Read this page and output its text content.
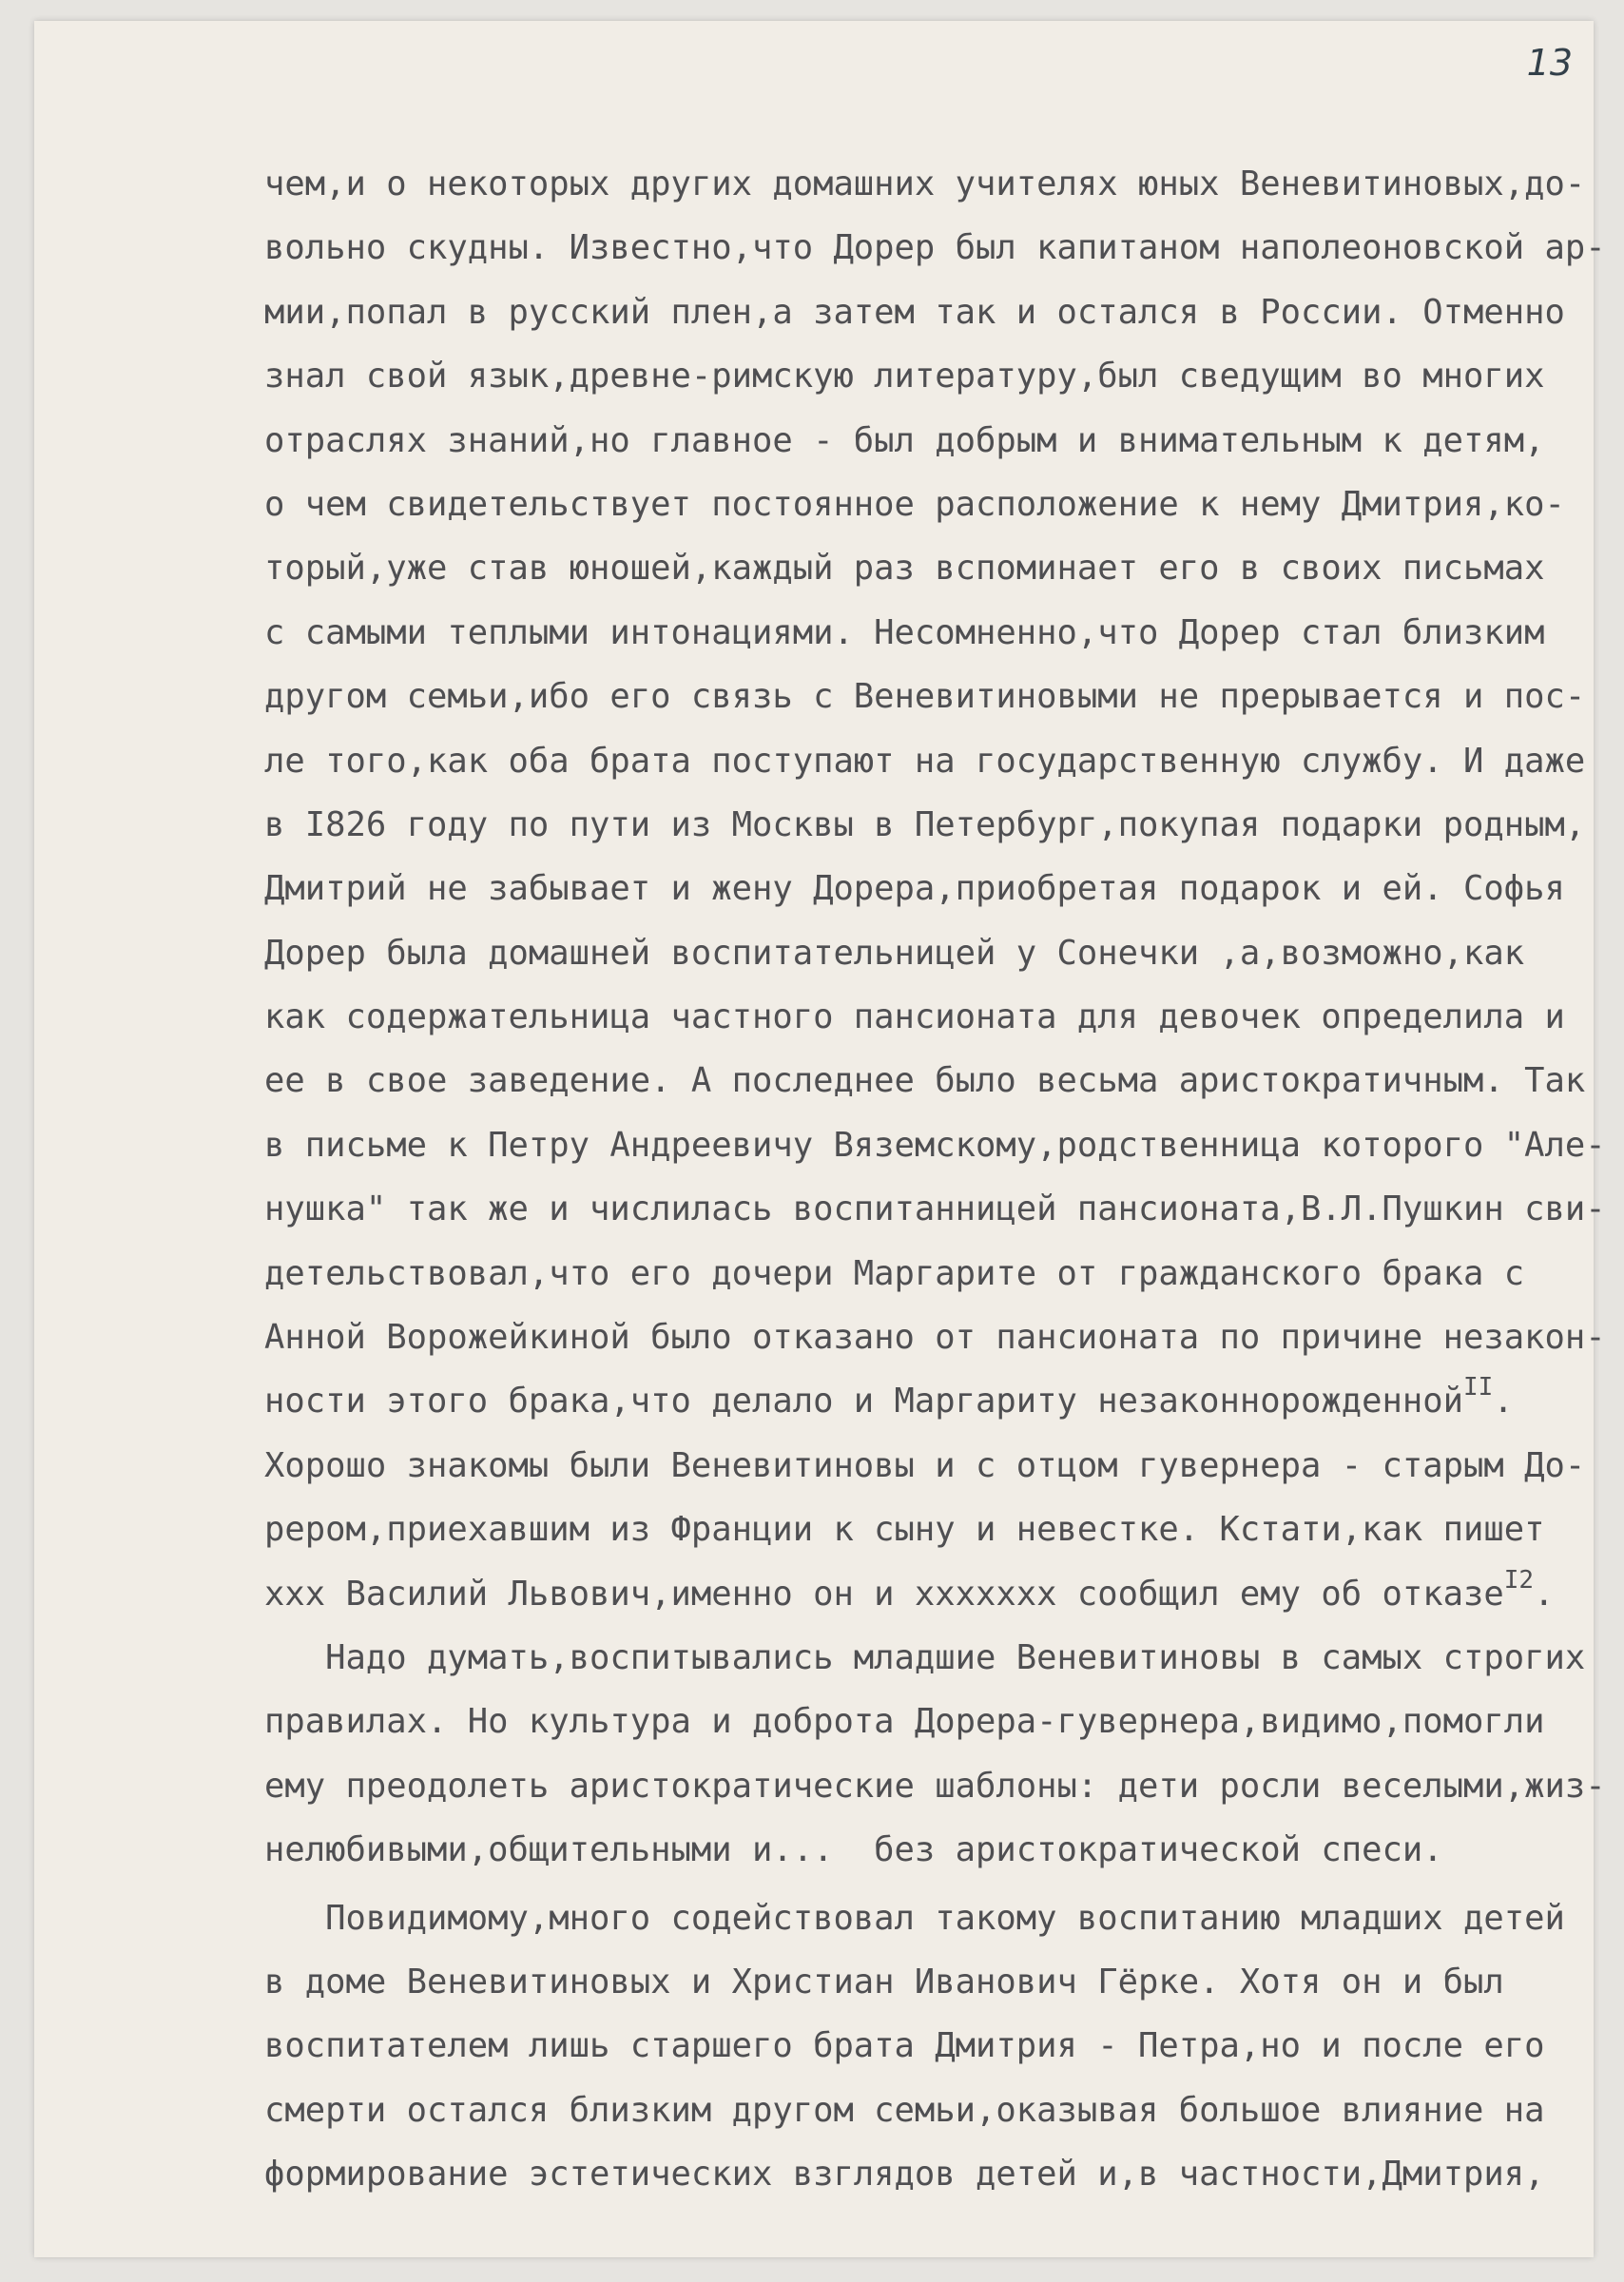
13
чем,и о некоторых других домашних учителях юных Веневитиновых,до-
вольно скудны. Известно,что Дорер был капитаном наполеоновской ар-
мии,попал в русский плен,а затем так и остался в России. Отменно
знал свой язык,древне-римскую литературу,был сведущим во многих
отраслях знаний,но главное - был добрым и внимательным к детям,
о чем свидетельствует постоянное расположение к нему Дмитрия,ко-
торый,уже став юношей,каждый раз вспоминает его в своих письмах
с самыми теплыми интонациями. Несомненно,что Дорер стал близким
другом семьи,ибо его связь с Веневитиновыми не прерывается и пос-
ле того,как оба брата поступают на государственную службу. И даже
в I826 году по пути из Москвы в Петербург,покупая подарки родным,
Дмитрий не забывает и жену Дорера,приобретая подарок и ей. Софья
Дорер была домашней воспитательницей у Сонечки ,а,возможно,как
как содержательница частного пансионата для девочек определила и
ее в свое заведение. А последнее было весьма аристократичным. Так
в письме к Петру Андреевичу Вяземскому,родственница которого "Але-
нушка" так же и числилась воспитанницей пансионата,В.Л.Пушкин сви-
детельствовал,что его дочери Маргарите от гражданского брака с
Анной Ворожейкиной было отказано от пансионата по причине незакон-
ности этого брака,что делало и Маргариту незаконнорожденной$^{II}$.
Хорошо знакомы были Веневитиновы и с отцом гувернера - старым До-
рером,приехавшим из Франции к сыну и невестке. Кстати,как пишет
ххх Василий Львович,именно он и ххххххх сообщил ему об отказе$^{I2}$.
Надо думать,воспитывались младшие Веневитиновы в самых строгих
правилах. Но культура и доброта Дорера-гувернера,видимо,помогли
ему преодолеть аристократические шаблоны: дети росли веселыми,жиз-
нелюбивыми,общительными и...  без аристократической спеси.
Повидимому,много содействовал такому воспитанию младших детей
в доме Веневитиновых и Христиан Иванович Гёрке. Хотя он и был
воспитателем лишь старшего брата Дмитрия - Петра,но и после его
смерти остался близким другом семьи,оказывая большое влияние на
формирование эстетических взглядов детей и,в частности,Дмитрия,
